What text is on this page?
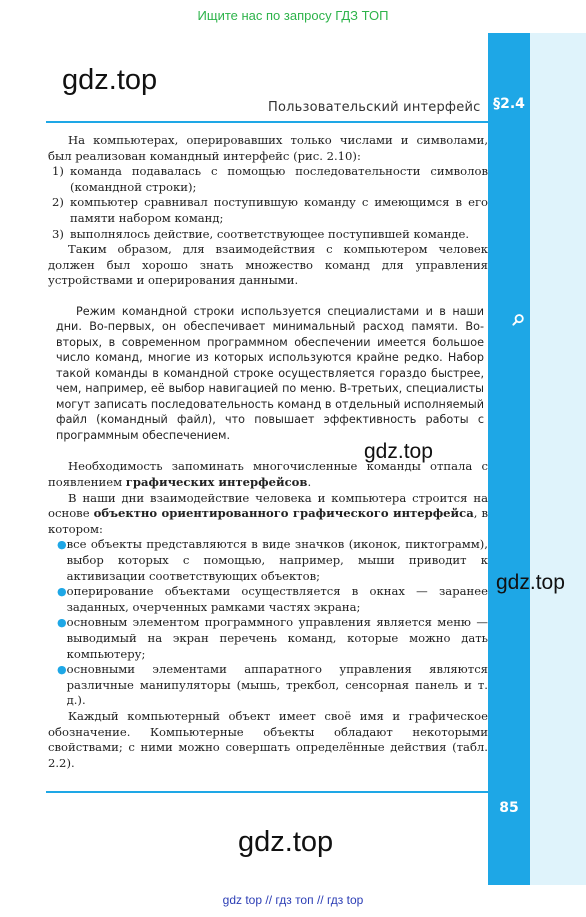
Ищите нас по запросу ГДЗ ТОП
§2.4
85
Пользовательский интерфейс

На компьютерах, оперировавших только числами и символами, был реализован командный интерфейс (рис. 2.10):

1) команда подавалась с помощью последовательности символов (командной строки);
2) компьютер сравнивал поступившую команду с имеющимся в его памяти набором команд;
3) выполнялось действие, соответствующее поступившей команде.

Таким образом, для взаимодействия с компьютером человек должен был хорошо знать множество команд для управления устройствами и оперирования данными.

Режим командной строки используется специалистами и в наши дни. Во-первых, он обеспечивает минимальный расход памяти. Во-вторых, в современном программном обеспечении имеется большое число команд, многие из которых используются крайне редко. Набор такой команды в командной строке осуществляется гораздо быстрее, чем, например, её выбор навигацией по меню. В-третьих, специалисты могут записать последовательность команд в отдельный исполняемый файл (командный файл), что повышает эффективность работы с программным обеспечением.

Необходимость запоминать многочисленные команды отпала с появлением графических интерфейсов.

В наши дни взаимодействие человека и компьютера строится на основе объектно ориентированного графического интерфейса, в котором:

● все объекты представляются в виде значков (иконок, пиктограмм), выбор которых с помощью, например, мыши приводит к активизации соответствующих объектов;
● оперирование объектами осуществляется в окнах — заранее заданных, очерченных рамками частях экрана;
● основным элементом программного управления является меню — выводимый на экран перечень команд, которые можно дать компьютеру;
● основными элементами аппаратного управления являются различные манипуляторы (мышь, трекбол, сенсорная панель и т. д.).

Каждый компьютерный объект имеет своё имя и графическое обозначение. Компьютерные объекты обладают некоторыми свойствами; с ними можно совершать определённые действия (табл. 2.2).

gdz.top
gdz.top
gdz.top
gdz.top
gdz top // гдз топ // гдз top
